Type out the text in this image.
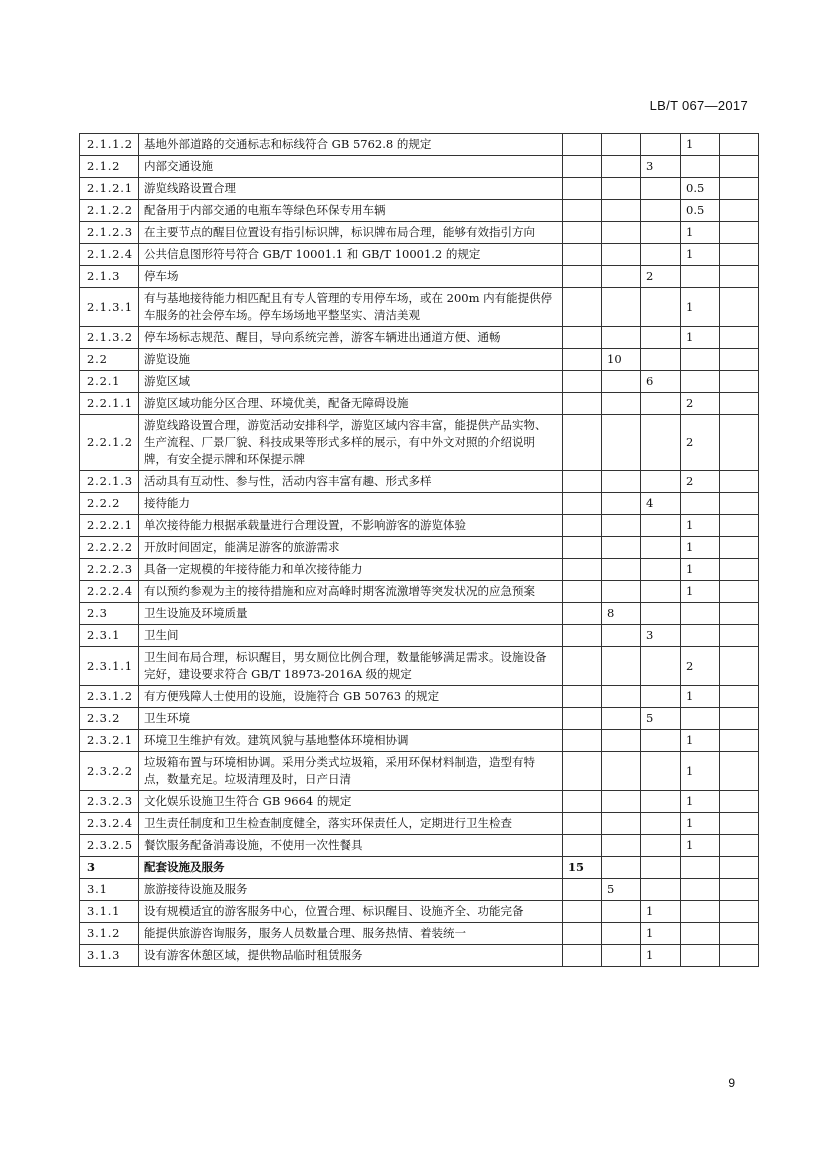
LB/T 067—2017
2.1.1.2	基地外部道路的交通标志和标线符合 GB 5762.8 的规定				1	
2.1.2	内部交通设施			3		
2.1.2.1	游览线路设置合理				0.5	
2.1.2.2	配备用于内部交通的电瓶车等绿色环保专用车辆				0.5	
2.1.2.3	在主要节点的醒目位置设有指引标识牌，标识牌布局合理，能够有效指引方向				1	
2.1.2.4	公共信息图形符号符合 GB/T 10001.1 和 GB/T 10001.2 的规定				1	
2.1.3	停车场			2		
2.1.3.1	有与基地接待能力相匹配且有专人管理的专用停车场，或在 200m 内有能提供停车服务的社会停车场。停车场场地平整坚实、清洁美观				1	
2.1.3.2	停车场标志规范、醒目，导向系统完善，游客车辆进出通道方便、通畅				1	
2.2	游览设施		10			
2.2.1	游览区域			6		
2.2.1.1	游览区域功能分区合理、环境优美，配备无障碍设施				2	
2.2.1.2	游览线路设置合理，游览活动安排科学，游览区域内容丰富，能提供产品实物、生产流程、厂景厂貌、科技成果等形式多样的展示，有中外文对照的介绍说明牌，有安全提示牌和环保提示牌				2	
2.2.1.3	活动具有互动性、参与性，活动内容丰富有趣、形式多样				2	
2.2.2	接待能力			4		
2.2.2.1	单次接待能力根据承载量进行合理设置，不影响游客的游览体验				1	
2.2.2.2	开放时间固定，能满足游客的旅游需求				1	
2.2.2.3	具备一定规模的年接待能力和单次接待能力				1	
2.2.2.4	有以预约参观为主的接待措施和应对高峰时期客流激增等突发状况的应急预案				1	
2.3	卫生设施及环境质量		8			
2.3.1	卫生间			3		
2.3.1.1	卫生间布局合理，标识醒目，男女厕位比例合理，数量能够满足需求。设施设备完好，建设要求符合 GB/T 18973-2016A 级的规定				2	
2.3.1.2	有方便残障人士使用的设施，设施符合 GB 50763 的规定				1	
2.3.2	卫生环境			5		
2.3.2.1	环境卫生维护有效。建筑风貌与基地整体环境相协调				1	
2.3.2.2	垃圾箱布置与环境相协调。采用分类式垃圾箱，采用环保材料制造，造型有特点，数量充足。垃圾清理及时，日产日清				1	
2.3.2.3	文化娱乐设施卫生符合 GB 9664 的规定				1	
2.3.2.4	卫生责任制度和卫生检查制度健全，落实环保责任人，定期进行卫生检查				1	
2.3.2.5	餐饮服务配备消毒设施，不使用一次性餐具				1	
3	配套设施及服务	15				
3.1	旅游接待设施及服务		5			
3.1.1	设有规模适宜的游客服务中心，位置合理、标识醒目、设施齐全、功能完备			1		
3.1.2	能提供旅游咨询服务，服务人员数量合理、服务热情、着装统一			1		
3.1.3	设有游客休憩区域，提供物品临时租赁服务			1		
9
